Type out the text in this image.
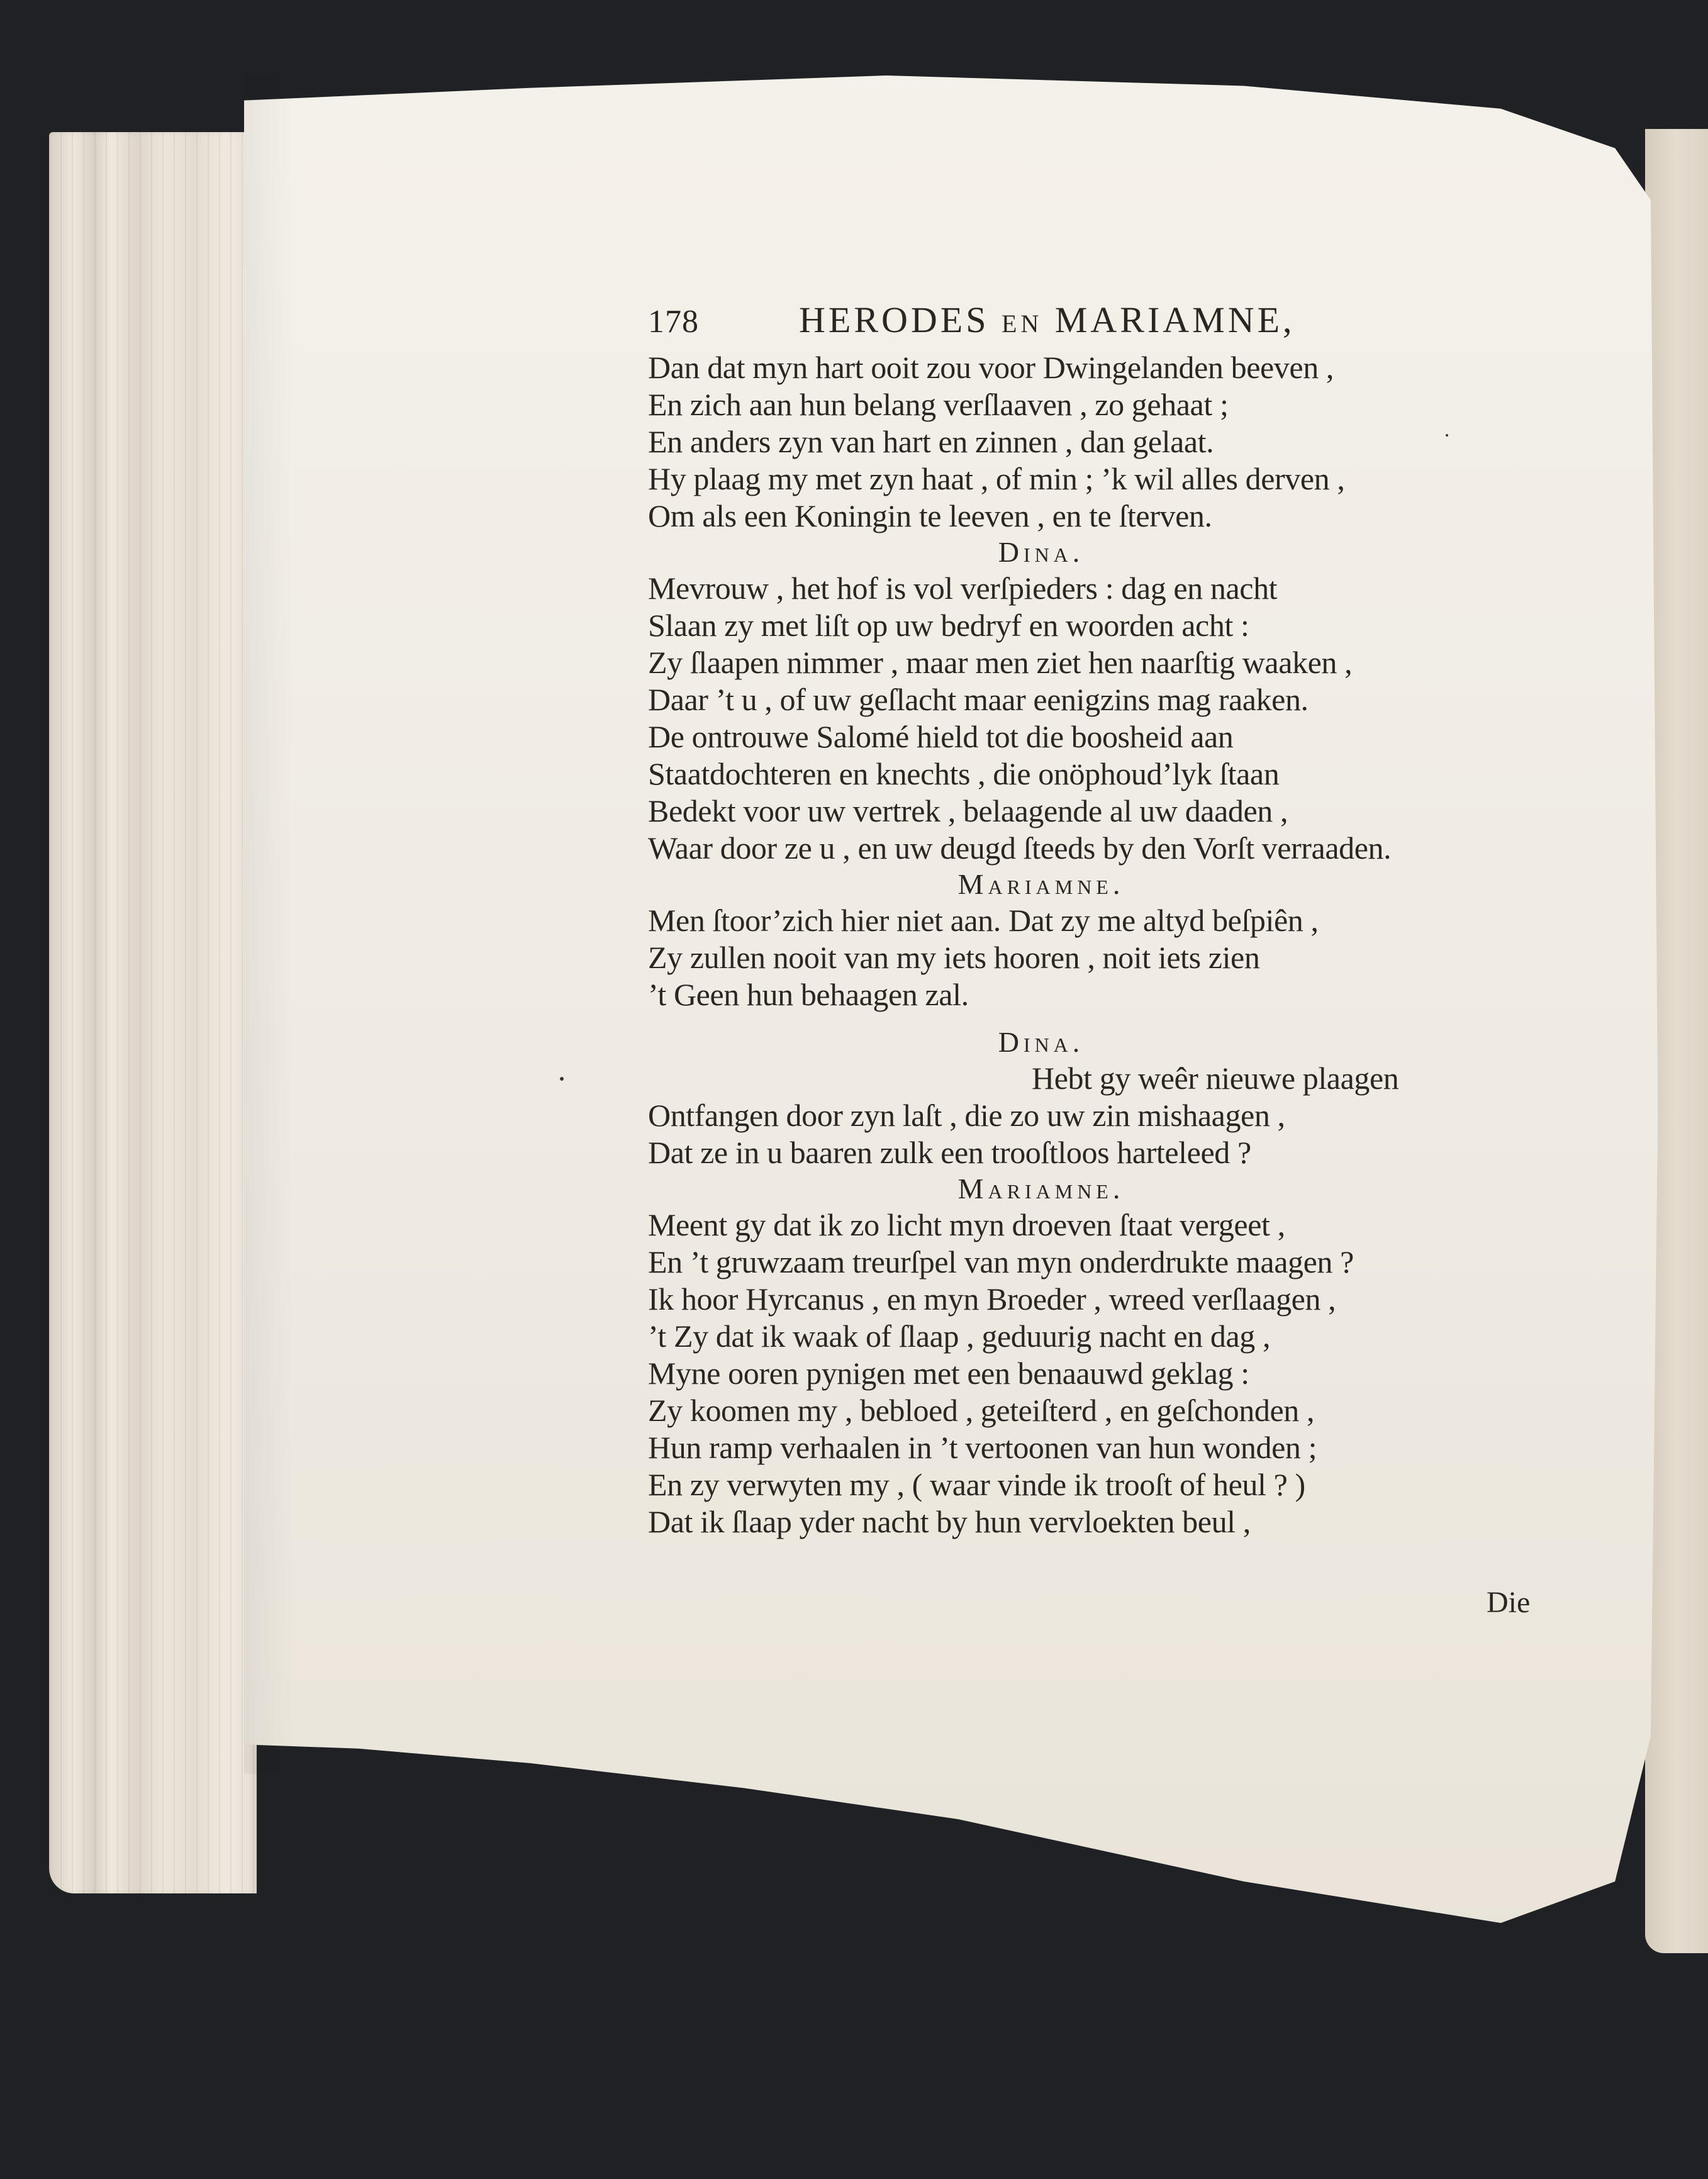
178	HERODES EN MARIAMNE,
Dan dat myn hart ooit zou voor Dwingelanden beeven ,
En zich aan hun belang verſlaaven , zo gehaat ;
En anders zyn van hart en zinnen , dan gelaat.
Hy plaag my met zyn haat , of min ; ’k wil alles derven ,
Om als een Koningin te leeven , en te ſterven.
Dina.
Mevrouw , het hof is vol verſpieders : dag en nacht
Slaan zy met liſt op uw bedryf en woorden acht :
Zy ſlaapen nimmer , maar men ziet hen naarſtig waaken ,
Daar ’t u , of uw geſlacht maar eenigzins mag raaken.
De ontrouwe Salomé hield tot die boosheid aan
Staatdochteren en knechts , die onöphoud’lyk ſtaan
Bedekt voor uw vertrek , belaagende al uw daaden ,
Waar door ze u , en uw deugd ſteeds by den Vorſt verraaden.
Mariamne.
Men ſtoor’zich hier niet aan. Dat zy me altyd beſpiên ,
Zy zullen nooit van my iets hooren , noit iets zien
’t Geen hun behaagen zal.
Dina.
Hebt gy weêr nieuwe plaagen
Ontfangen door zyn laſt , die zo uw zin mishaagen ,
Dat ze in u baaren zulk een trooſtloos harteleed ?
Mariamne.
Meent gy dat ik zo licht myn droeven ſtaat vergeet ,
En ’t gruwzaam treurſpel van myn onderdrukte maagen ?
Ik hoor Hyrcanus , en myn Broeder , wreed verſlaagen ,
’t Zy dat ik waak of ſlaap , geduurig nacht en dag ,
Myne ooren pynigen met een benaauwd geklag :
Zy koomen my , bebloed , geteiſterd , en geſchonden ,
Hun ramp verhaalen in ’t vertoonen van hun wonden ;
En zy verwyten my , ( waar vinde ik trooſt of heul ? )
Dat ik ſlaap yder nacht by hun vervloekten beul ,
Die
